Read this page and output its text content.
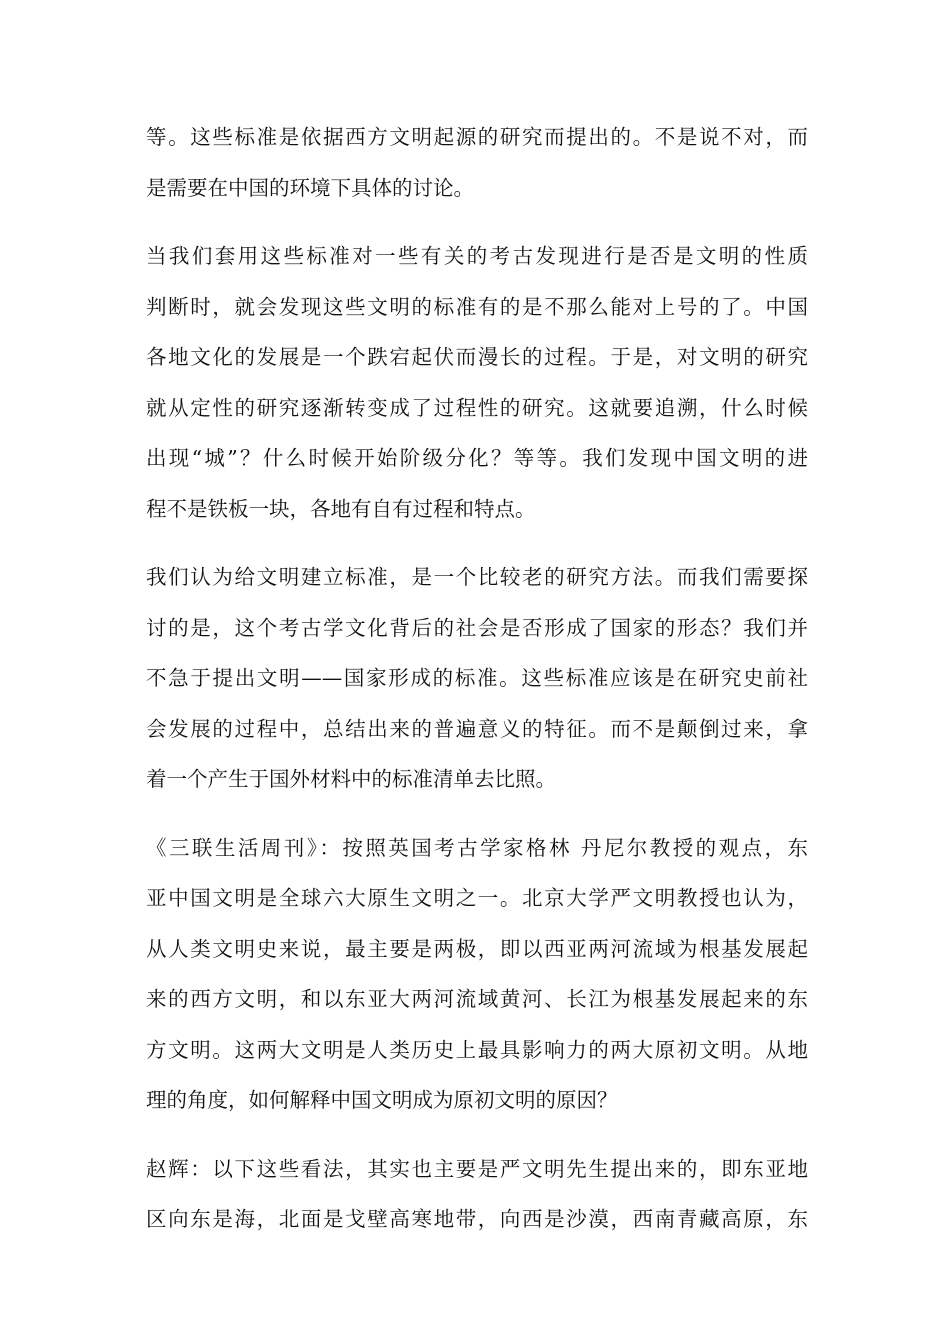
等。这些标准是依据西方文明起源的研究而提出的。不是说不对，而
是需要在中国的环境下具体的讨论。
当我们套用这些标准对一些有关的考古发现进行是否是文明的性质
判断时，就会发现这些文明的标准有的是不那么能对上号的了。中国
各地文化的发展是一个跌宕起伏而漫长的过程。于是，对文明的研究
就从定性的研究逐渐转变成了过程性的研究。这就要追溯，什么时候
出现“城”？什么时候开始阶级分化？等等。我们发现中国文明的进
程不是铁板一块，各地有自有过程和特点。
我们认为给文明建立标准，是一个比较老的研究方法。而我们需要探
讨的是，这个考古学文化背后的社会是否形成了国家的形态？我们并
不急于提出文明——国家形成的标准。这些标准应该是在研究史前社
会发展的过程中，总结出来的普遍意义的特征。而不是颠倒过来，拿
着一个产生于国外材料中的标准清单去比照。
《三联生活周刊》：按照英国考古学家格林 丹尼尔教授的观点，东
亚中国文明是全球六大原生文明之一。北京大学严文明教授也认为，
从人类文明史来说，最主要是两极，即以西亚两河流域为根基发展起
来的西方文明，和以东亚大两河流域黄河、长江为根基发展起来的东
方文明。这两大文明是人类历史上最具影响力的两大原初文明。从地
理的角度，如何解释中国文明成为原初文明的原因？
赵辉：以下这些看法，其实也主要是严文明先生提出来的，即东亚地
区向东是海，北面是戈壁高寒地带，向西是沙漠，西南青藏高原，东
